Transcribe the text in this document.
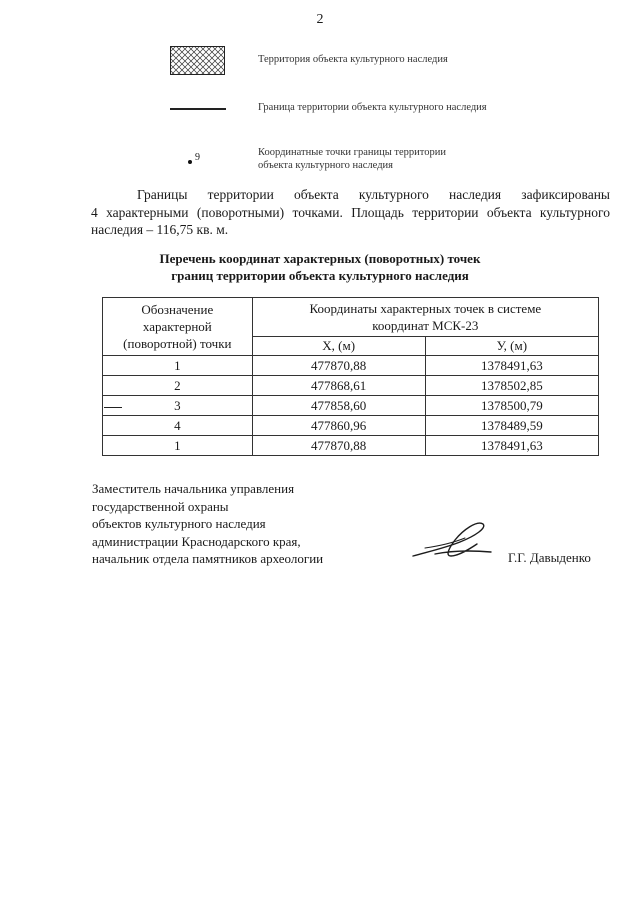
2
Территория объекта культурного наследия
Граница территории объекта культурного наследия
9	Координатные точки границы территории
объекта культурного наследия
Границы территории объекта культурного наследия зафиксированы
4 характерными (поворотными) точками. Площадь территории объекта культурного
наследия – 116,75 кв. м.
Перечень координат характерных (поворотных) точек
границ территории объекта культурного наследия
Обозначение
характерной
(поворотной) точки	Координаты характерных точек в системе
координат МСК-23	

	X, (м)	У, (м)
1	477870,88	1378491,63
2	477868,61	1378502,85
3	477858,60	1378500,79
4	477860,96	1378489,59
1	477870,88	1378491,63
Заместитель начальника управления
государственной охраны
объектов культурного наследия
администрации Краснодарского края,
начальник отдела памятников археологии	Г.Г. Давыденко
